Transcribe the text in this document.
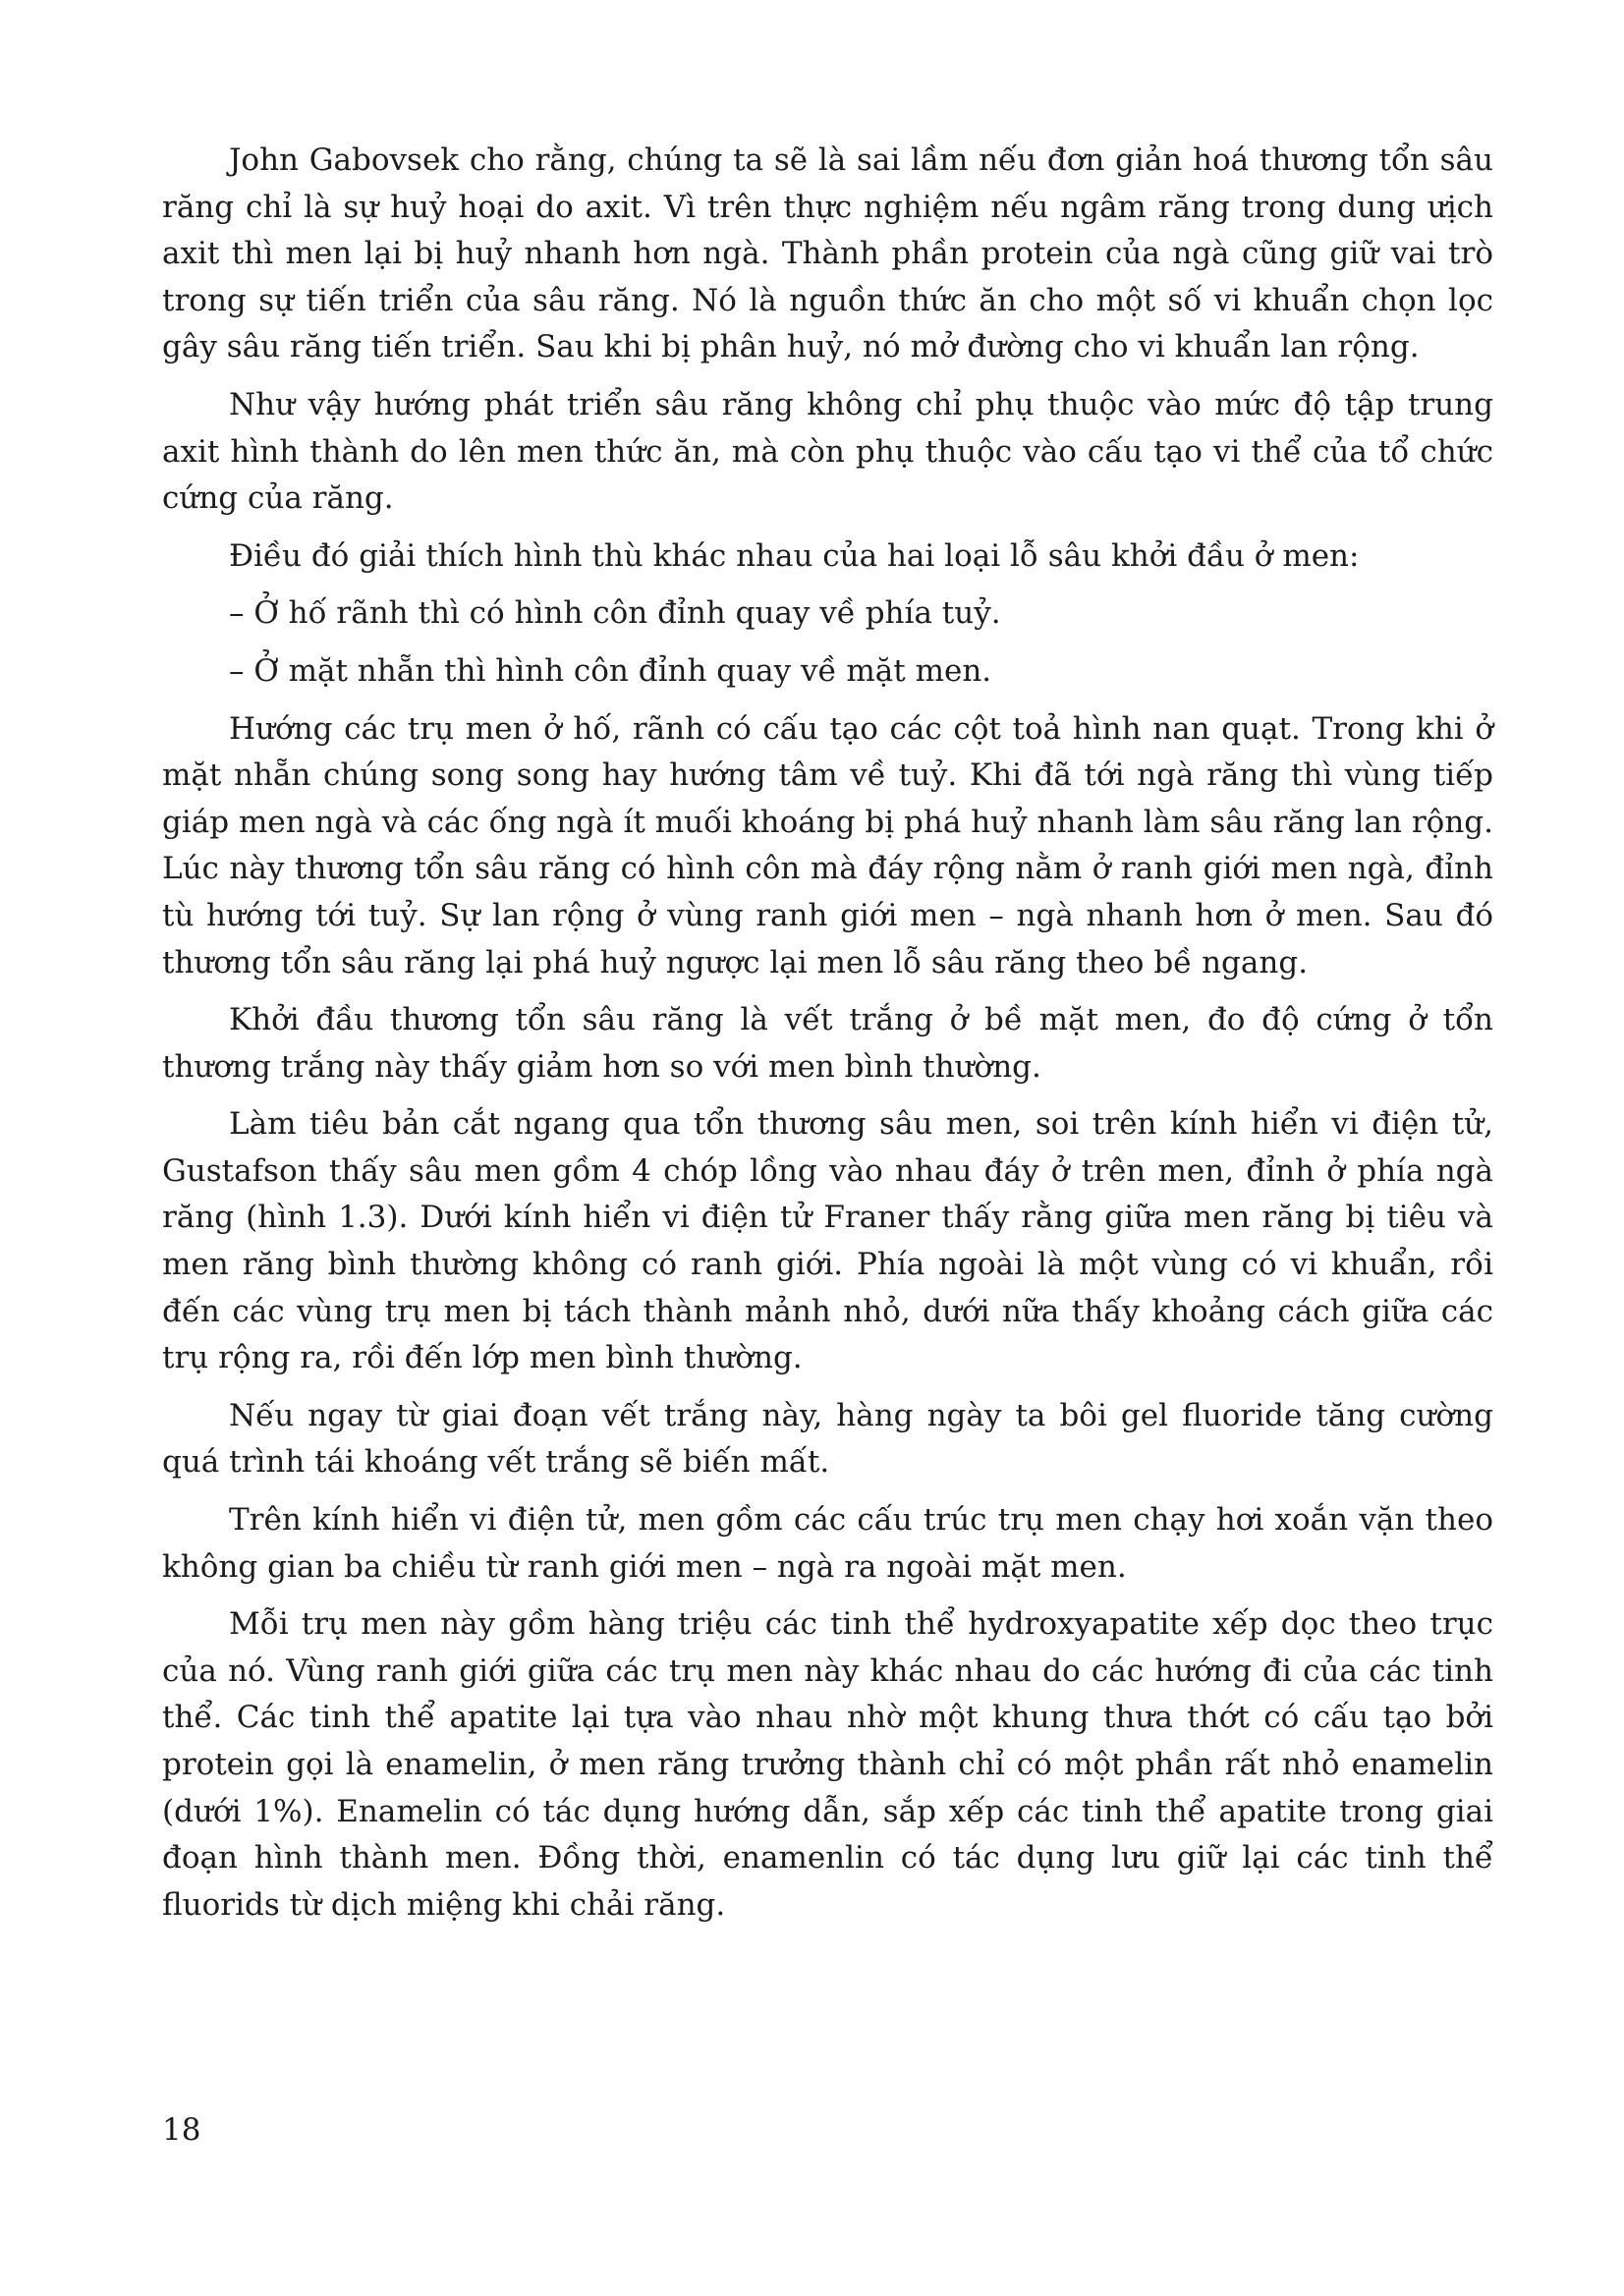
John Gabovsek cho rằng, chúng ta sẽ là sai lầm nếu đơn giản hoá thương tổn sâu răng chỉ là sự huỷ hoại do axit. Vì trên thực nghiệm nếu ngâm răng trong dung ưịch axit thì men lại bị huỷ nhanh hơn ngà. Thành phần protein của ngà cũng giữ vai trò trong sự tiến triển của sâu răng. Nó là nguồn thức ăn cho một số vi khuẩn chọn lọc gây sâu răng tiến triển. Sau khi bị phân huỷ, nó mở đường cho vi khuẩn lan rộng.

Như vậy hướng phát triển sâu răng không chỉ phụ thuộc vào mức độ tập trung axit hình thành do lên men thức ăn, mà còn phụ thuộc vào cấu tạo vi thể của tổ chức cứng của răng.

Điều đó giải thích hình thù khác nhau của hai loại lỗ sâu khởi đầu ở men:

– Ở hố rãnh thì có hình côn đỉnh quay về phía tuỷ.

– Ở mặt nhẵn thì hình côn đỉnh quay về mặt men.

Hướng các trụ men ở hố, rãnh có cấu tạo các cột toả hình nan quạt. Trong khi ở mặt nhẵn chúng song song hay hướng tâm về tuỷ. Khi đã tới ngà răng thì vùng tiếp giáp men ngà và các ống ngà ít muối khoáng bị phá huỷ nhanh làm sâu răng lan rộng. Lúc này thương tổn sâu răng có hình côn mà đáy rộng nằm ở ranh giới men ngà, đỉnh tù hướng tới tuỷ. Sự lan rộng ở vùng ranh giới men – ngà nhanh hơn ở men. Sau đó thương tổn sâu răng lại phá huỷ ngược lại men lỗ sâu răng theo bề ngang.

Khởi đầu thương tổn sâu răng là vết trắng ở bề mặt men, đo độ cứng ở tổn thương trắng này thấy giảm hơn so với men bình thường.

Làm tiêu bản cắt ngang qua tổn thương sâu men, soi trên kính hiển vi điện tử, Gustafson thấy sâu men gồm 4 chóp lồng vào nhau đáy ở trên men, đỉnh ở phía ngà răng (hình 1.3). Dưới kính hiển vi điện tử Franer thấy rằng giữa men răng bị tiêu và men răng bình thường không có ranh giới. Phía ngoài là một vùng có vi khuẩn, rồi đến các vùng trụ men bị tách thành mảnh nhỏ, dưới nữa thấy khoảng cách giữa các trụ rộng ra, rồi đến lớp men bình thường.

Nếu ngay từ giai đoạn vết trắng này, hàng ngày ta bôi gel fluoride tăng cường quá trình tái khoáng vết trắng sẽ biến mất.

Trên kính hiển vi điện tử, men gồm các cấu trúc trụ men chạy hơi xoắn vặn theo không gian ba chiều từ ranh giới men – ngà ra ngoài mặt men.

Mỗi trụ men này gồm hàng triệu các tinh thể hydroxyapatite xếp dọc theo trục của nó. Vùng ranh giới giữa các trụ men này khác nhau do các hướng đi của các tinh thể. Các tinh thể apatite lại tựa vào nhau nhờ một khung thưa thớt có cấu tạo bởi protein gọi là enamelin, ở men răng trưởng thành chỉ có một phần rất nhỏ enamelin (dưới 1%). Enamelin có tác dụng hướng dẫn, sắp xếp các tinh thể apatite trong giai đoạn hình thành men. Đồng thời, enamenlin có tác dụng lưu giữ lại các tinh thể fluorids từ dịch miệng khi chải răng.

18
